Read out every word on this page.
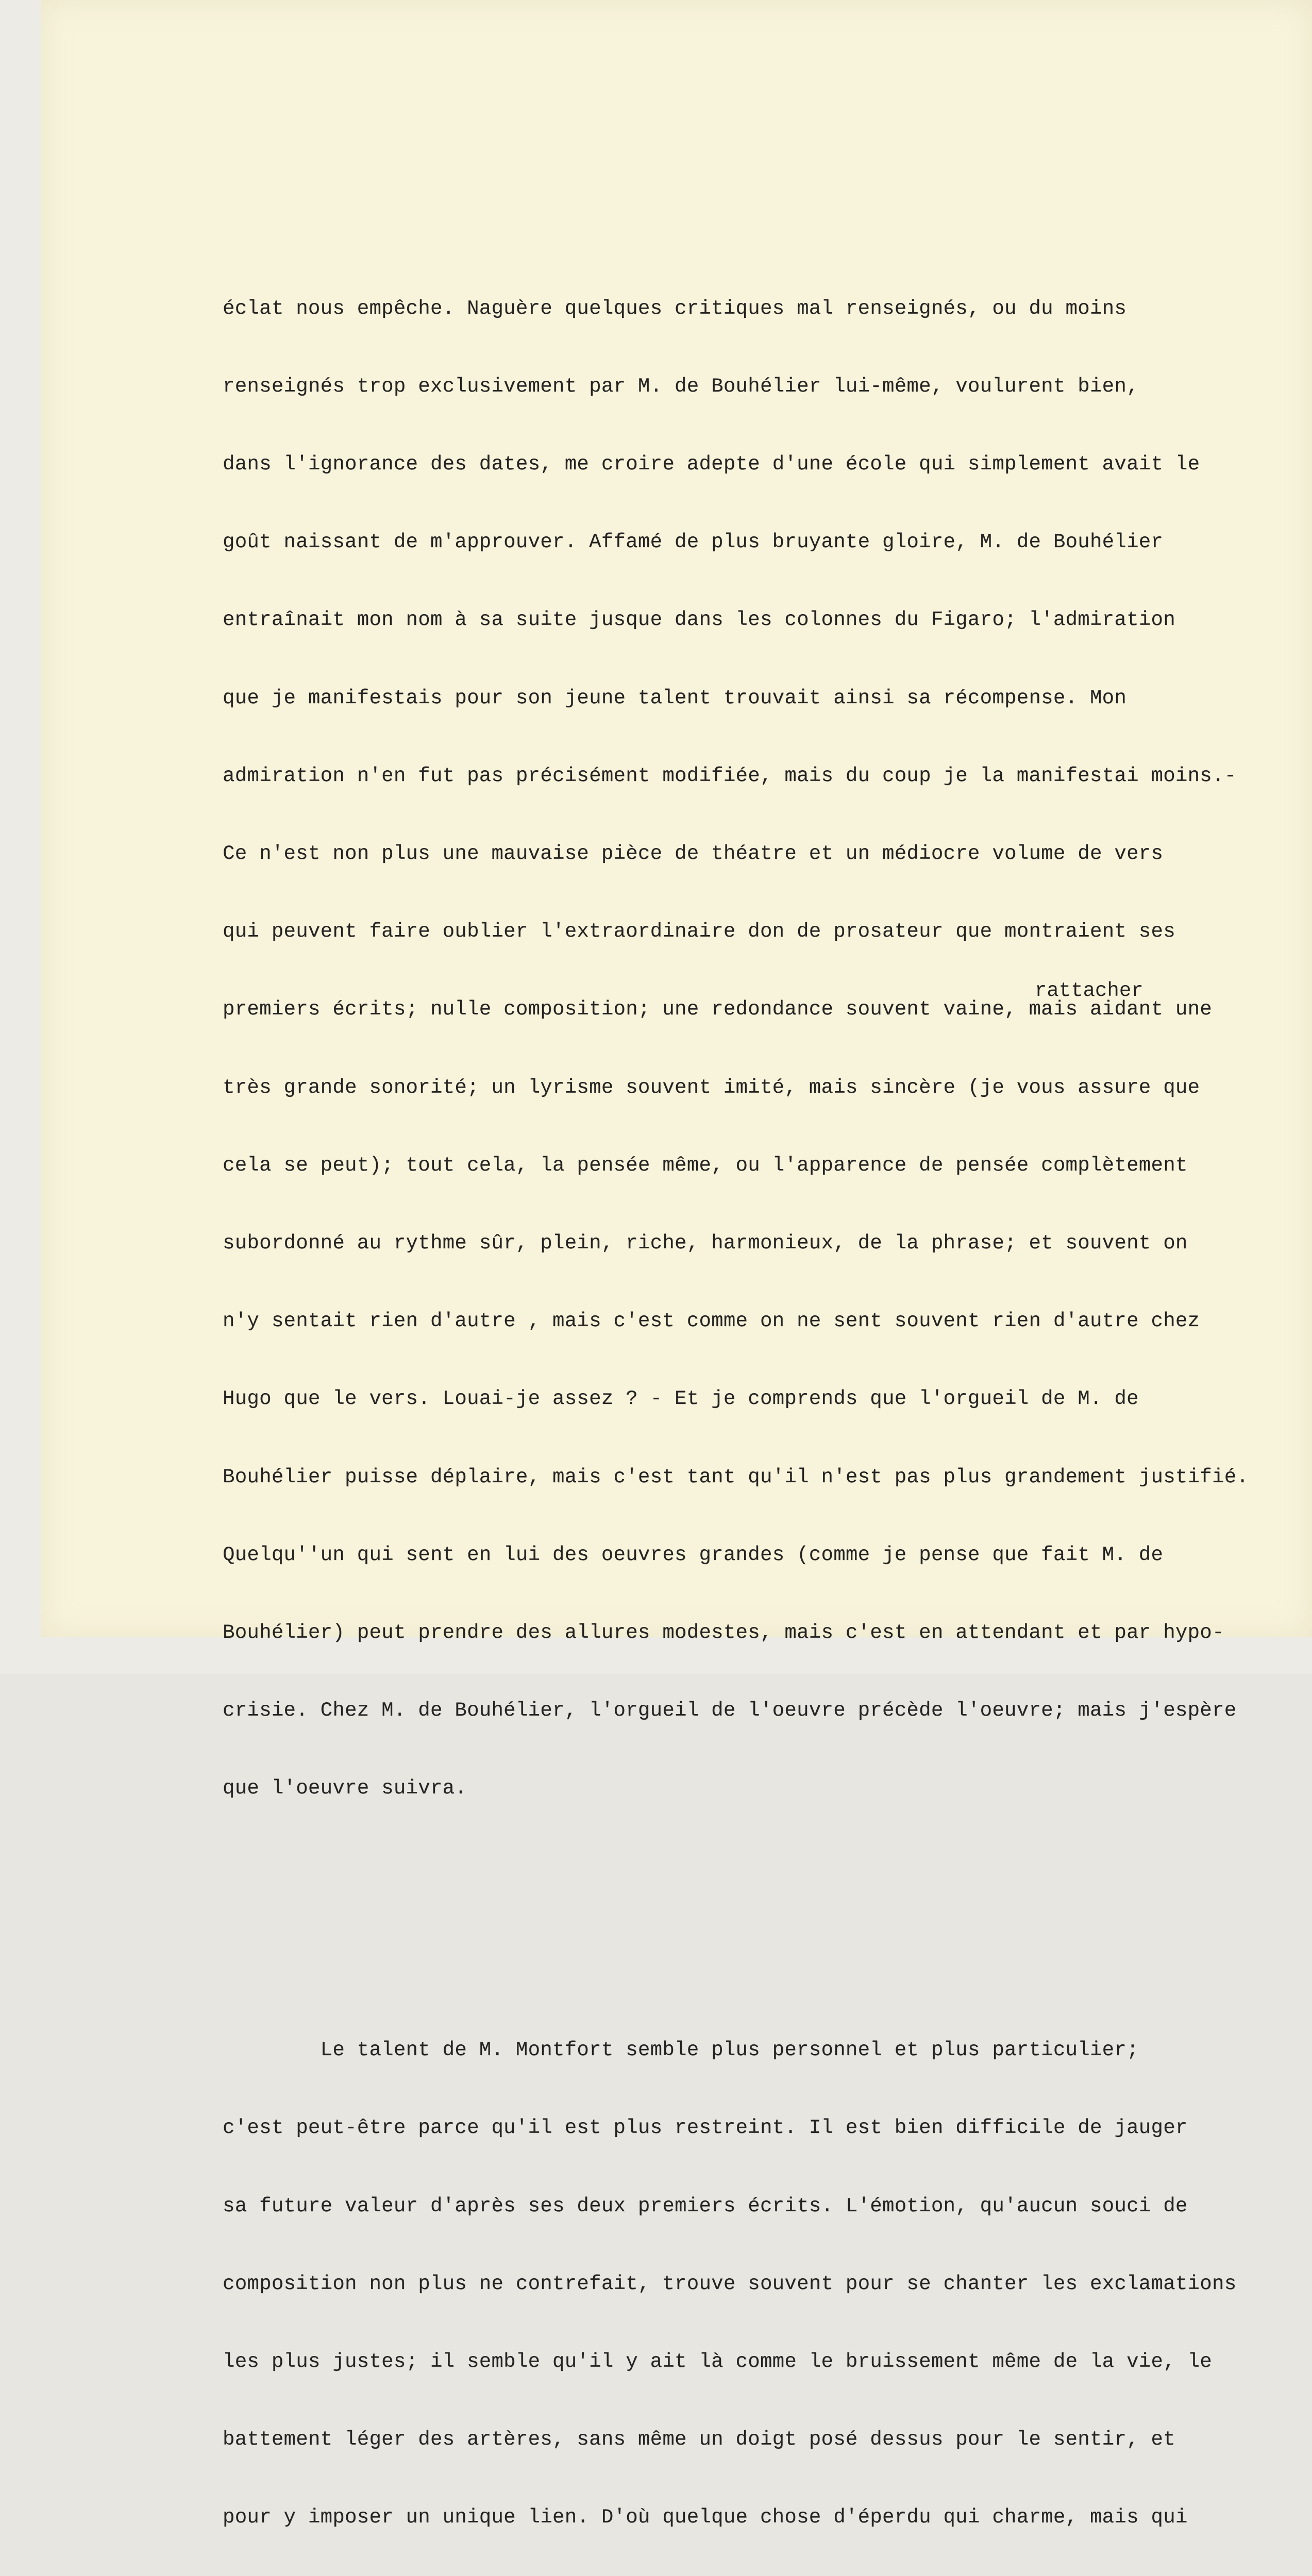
éclat nous empêche. Naguère quelques critiques mal renseignés, ou du moins

renseignés trop exclusivement par M. de Bouhélier lui-même, voulurent bien,

dans l'ignorance des dates, me croire adepte d'une école qui simplement avait le

goût naissant de m'approuver. Affamé de plus bruyante gloire, M. de Bouhélier

entraînait mon nom à sa suite jusque dans les colonnes du Figaro; l'admiration

que je manifestais pour son jeune talent trouvait ainsi sa récompense. Mon

admiration n'en fut pas précisément modifiée, mais du coup je la manifestai moins.-

Ce n'est non plus une mauvaise pièce de théatre et un médiocre volume de vers

qui peuvent faire oublier l'extraordinaire don de prosateur que montraient ses

premiers écrits; nulle composition; une redondance souvent vaine, mais aidant une

très grande sonorité; un lyrisme souvent imité, mais sincère (je vous assure que

cela se peut); tout cela, la pensée même, ou l'apparence de pensée complètement

subordonné au rythme sûr, plein, riche, harmonieux, de la phrase; et souvent on

n'y sentait rien d'autre , mais c'est comme on ne sent souvent rien d'autre chez

Hugo que le vers. Louai-je assez ? - Et je comprends que l'orgueil de M. de

Bouhélier puisse déplaire, mais c'est tant qu'il n'est pas plus grandement justifié.

Quelqu''un qui sent en lui des oeuvres grandes (comme je pense que fait M. de

Bouhélier) peut prendre des allures modestes, mais c'est en attendant et par hypo-

crisie. Chez M. de Bouhélier, l'orgueil de l'oeuvre précède l'oeuvre; mais j'espère

que l'oeuvre suivra.

Le talent de M. Montfort semble plus personnel et plus particulier;

c'est peut-être parce qu'il est plus restreint. Il est bien difficile de jauger

sa future valeur d'après ses deux premiers écrits. L'émotion, qu'aucun souci de

composition non plus ne contrefait, trouve souvent pour se chanter les exclamations

les plus justes; il semble qu'il y ait là comme le bruissement même de la vie, le

battement léger des artères, sans même un doigt posé dessus pour le sentir, et

pour y imposer un unique lien. D'où quelque chose d'éperdu qui charme, mais qui

rattacher
